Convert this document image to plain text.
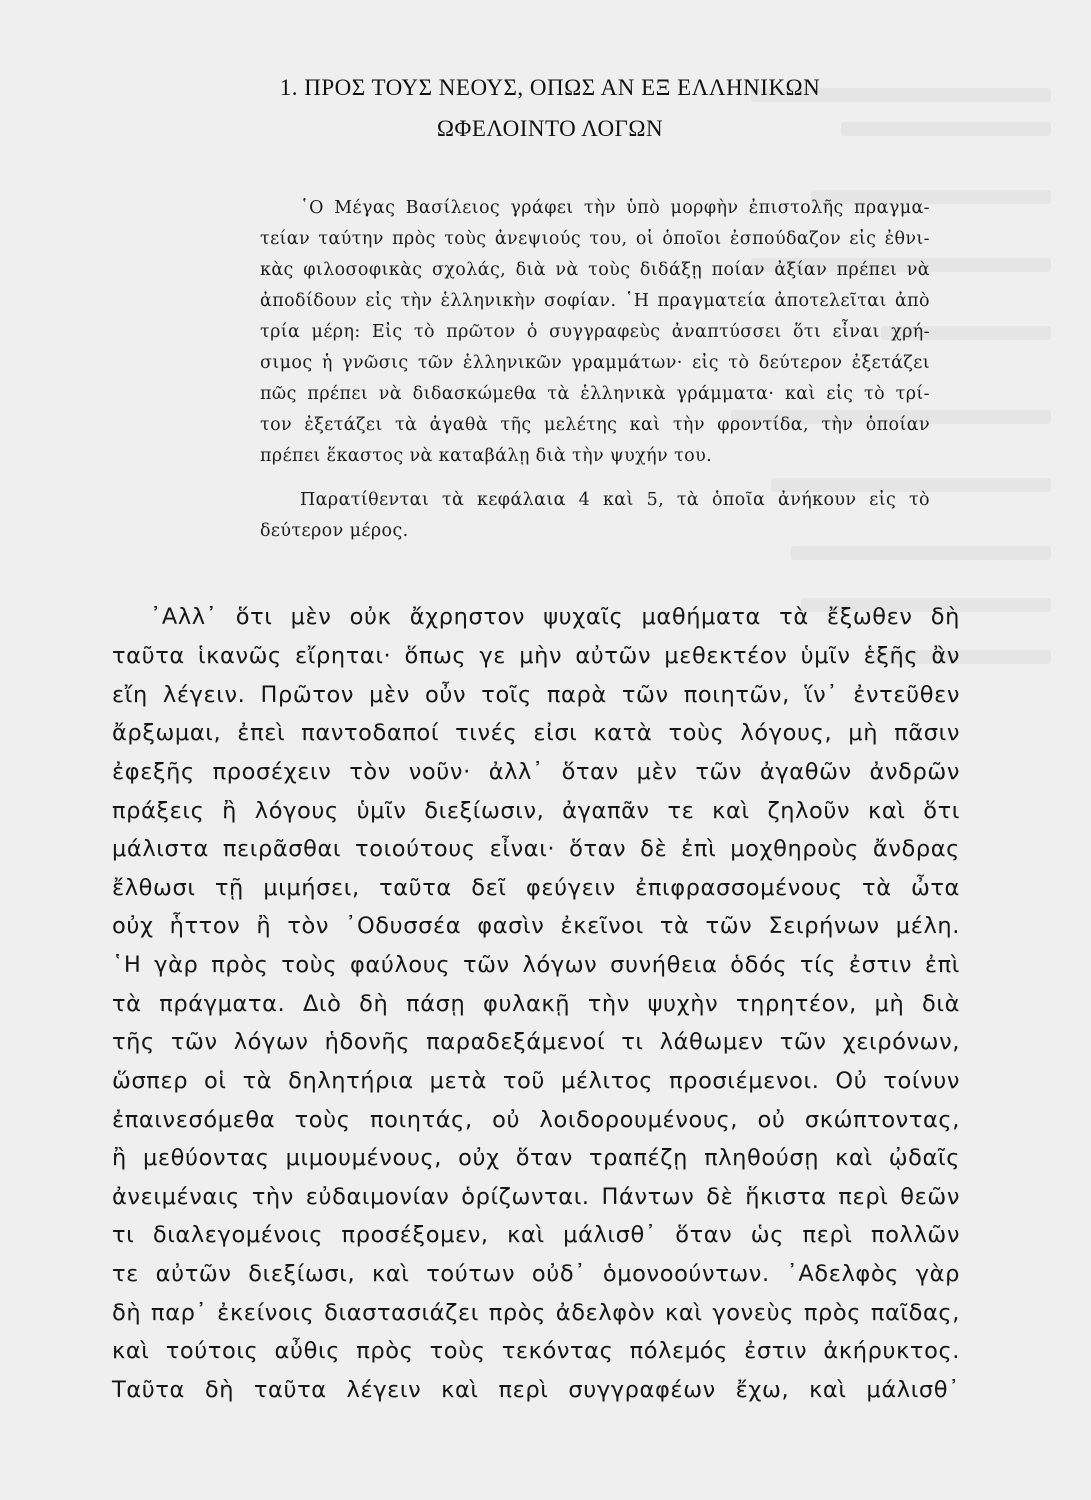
1. ΠΡΟΣ ΤΟΥΣ ΝΕΟΥΣ, ΟΠΩΣ ΑΝ ΕΞ ΕΛΛΗΝΙΚΩΝ
ΩΦΕΛΟΙΝΤΟ ΛΟΓΩΝ
῾Ο Μέγας Βασίλειος γράφει τὴν ὑπὸ μορφὴν ἐπιστολῆς πραγμα-
τείαν ταύτην πρὸς τοὺς ἀνεψιούς του, οἱ ὁποῖοι ἐσπούδαζον εἰς ἐθνι-
κὰς φιλοσοφικὰς σχολάς, διὰ νὰ τοὺς διδάξῃ ποίαν ἀξίαν πρέπει νὰ
ἀποδίδουν εἰς τὴν ἑλληνικὴν σοφίαν. ῾Η πραγματεία ἀποτελεῖται ἀπὸ
τρία μέρη: Εἰς τὸ πρῶτον ὁ συγγραφεὺς ἀναπτύσσει ὅτι εἶναι χρή-
σιμος ἡ γνῶσις τῶν ἑλληνικῶν γραμμάτων· εἰς τὸ δεύτερον ἐξετάζει
πῶς πρέπει νὰ διδασκώμεθα τὰ ἑλληνικὰ γράμματα· καὶ εἰς τὸ τρί-
τον ἐξετάζει τὰ ἀγαθὰ τῆς μελέτης καὶ τὴν φροντίδα, τὴν ὁποίαν
πρέπει ἕκαστος νὰ καταβάλῃ διὰ τὴν ψυχήν του.
Παρατίθενται τὰ κεφάλαια 4 καὶ 5, τὰ ὁποῖα ἀνήκουν εἰς τὸ
δεύτερον μέρος.
᾿Αλλ᾿ ὅτι μὲν οὐκ ἄχρηστον ψυχαῖς μαθήματα τὰ ἔξωθεν δὴ
ταῦτα ἱκανῶς εἴρηται· ὅπως γε μὴν αὐτῶν μεθεκτέον ὑμῖν ἑξῆς ἂν
εἴη λέγειν. Πρῶτον μὲν οὖν τοῖς παρὰ τῶν ποιητῶν, ἵν᾿ ἐντεῦθεν
ἄρξωμαι, ἐπεὶ παντοδαποί τινές εἰσι κατὰ τοὺς λόγους, μὴ πᾶσιν
ἐφεξῆς προσέχειν τὸν νοῦν· ἀλλ᾿ ὅταν μὲν τῶν ἀγαθῶν ἀνδρῶν
πράξεις ἢ λόγους ὑμῖν διεξίωσιν, ἀγαπᾶν τε καὶ ζηλοῦν καὶ ὅτι
μάλιστα πειρᾶσθαι τοιούτους εἶναι· ὅταν δὲ ἐπὶ μοχθηροὺς ἄνδρας
ἔλθωσι τῇ μιμήσει, ταῦτα δεῖ φεύγειν ἐπιφρασσομένους τὰ ὦτα
οὐχ ἧττον ἢ τὸν ᾿Οδυσσέα φασὶν ἐκεῖνοι τὰ τῶν Σειρήνων μέλη.
῾Η γὰρ πρὸς τοὺς φαύλους τῶν λόγων συνήθεια ὁδός τίς ἐστιν ἐπὶ
τὰ πράγματα. Διὸ δὴ πάσῃ φυλακῇ τὴν ψυχὴν τηρητέον, μὴ διὰ
τῆς τῶν λόγων ἡδονῆς παραδεξάμενοί τι λάθωμεν τῶν χειρόνων,
ὥσπερ οἱ τὰ δηλητήρια μετὰ τοῦ μέλιτος προσιέμενοι. Οὐ τοίνυν
ἐπαινεσόμεθα τοὺς ποιητάς, οὐ λοιδορουμένους, οὐ σκώπτοντας,
ἢ μεθύοντας μιμουμένους, οὐχ ὅταν τραπέζῃ πληθούσῃ καὶ ᾠδαῖς
ἀνειμέναις τὴν εὐδαιμονίαν ὁρίζωνται. Πάντων δὲ ἥκιστα περὶ θεῶν
τι διαλεγομένοις προσέξομεν, καὶ μάλισθ᾿ ὅταν ὡς περὶ πολλῶν
τε αὐτῶν διεξίωσι, καὶ τούτων οὐδ᾿ ὁμονοούντων. ᾿Αδελφὸς γὰρ
δὴ παρ᾿ ἐκείνοις διαστασιάζει πρὸς ἀδελφὸν καὶ γονεὺς πρὸς παῖδας,
καὶ τούτοις αὖθις πρὸς τοὺς τεκόντας πόλεμός ἐστιν ἀκήρυκτος.
Ταῦτα δὴ ταῦτα λέγειν καὶ περὶ συγγραφέων ἔχω, καὶ μάλισθ᾿
